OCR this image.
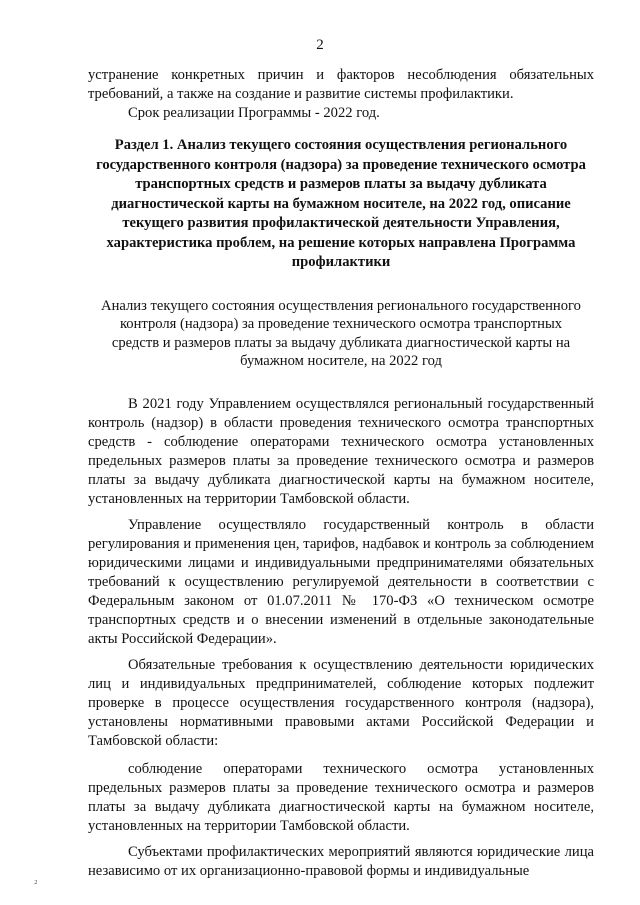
2

устранение конкретных причин и факторов несоблюдения обязательных требований, а также на создание и развитие системы профилактики.

Срок реализации Программы - 2022 год.

Раздел 1. Анализ текущего состояния осуществления регионального государственного контроля (надзора) за проведение технического осмотра транспортных средств и размеров платы за выдачу дубликата диагностической карты на бумажном носителе, на 2022 год, описание текущего развития профилактической деятельности Управления, характеристика проблем, на решение которых направлена Программа профилактики

Анализ текущего состояния осуществления регионального государственного контроля (надзора) за проведение технического осмотра транспортных средств и размеров платы за выдачу дубликата диагностической карты на бумажном носителе, на 2022 год

В 2021 году Управлением осуществлялся региональный государственный контроль (надзор) в области проведения технического осмотра транспортных средств - соблюдение операторами технического осмотра установленных предельных размеров платы за проведение технического осмотра и размеров платы за выдачу дубликата диагностической карты на бумажном носителе, установленных на территории Тамбовской области.

Управление осуществляло государственный контроль в области регулирования и применения цен, тарифов, надбавок и контроль за соблюдением юридическими лицами и индивидуальными предпринимателями обязательных требований к осуществлению регулируемой деятельности в соответствии с Федеральным законом от 01.07.2011 № 170-ФЗ «О техническом осмотре транспортных средств и о внесении изменений в отдельные законодательные акты Российской Федерации».

Обязательные требования к осуществлению деятельности юридических лиц и индивидуальных предпринимателей, соблюдение которых подлежит проверке в процессе осуществления государственного контроля (надзора), установлены нормативными правовыми актами Российской Федерации и Тамбовской области:

соблюдение операторами технического осмотра установленных предельных размеров платы за проведение технического осмотра и размеров платы за выдачу дубликата диагностической карты на бумажном носителе, установленных на территории Тамбовской области.

Субъектами профилактических мероприятий являются юридические лица независимо от их организационно-правовой формы и индивидуальные

₂
